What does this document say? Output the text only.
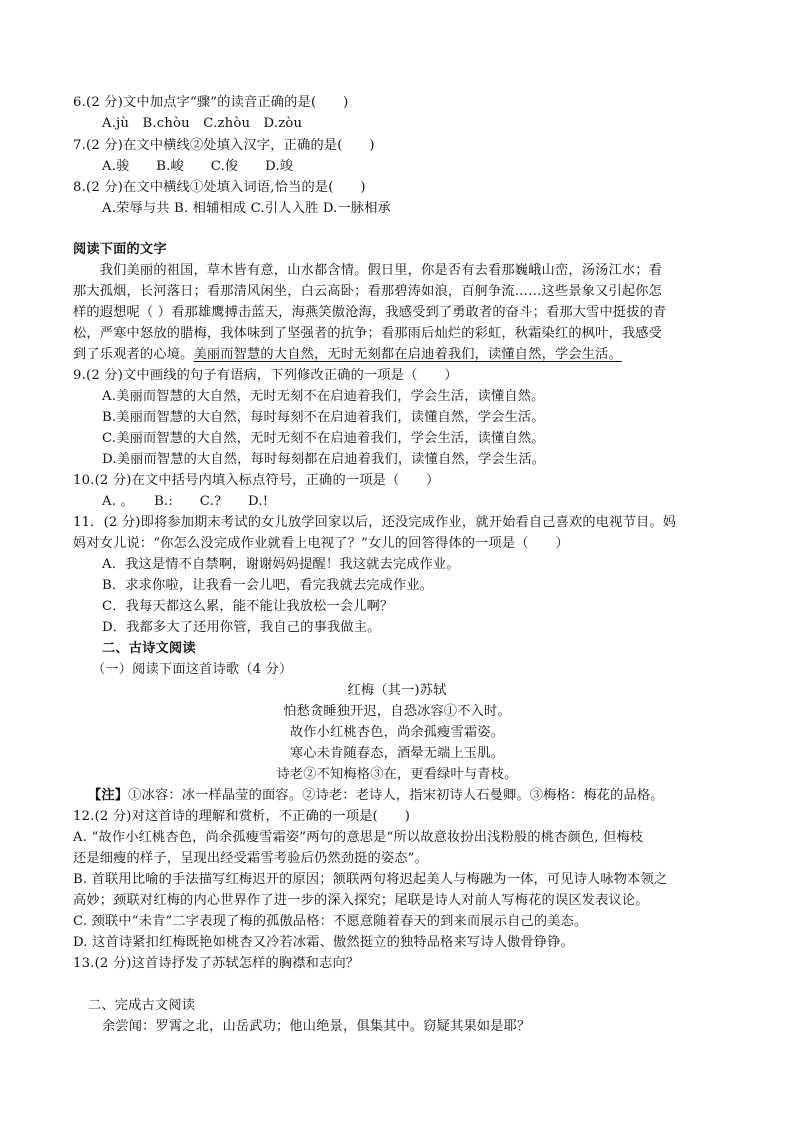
6.(2 分)文中加点字“骤”的读音正确的是(　　)
A.jù　B.chòu　C.zhòu　D.zòu
7.(2 分)在文中横线②处填入汉字，正确的是(　　)
A.骏　　B.峻　　C.俊　　D.竣
8.(2 分)在文中横线①处填入词语,恰当的是(　　)
A.荣辱与共 B. 相辅相成 C.引人入胜 D.一脉相承
阅读下面的文字
　　我们美丽的祖国，草木皆有意，山水都含情。假日里，你是否有去看那巍峨山峦，汤汤江水；看
那大孤烟，长河落日；看那清风闲坐，白云高卧；看那碧涛如浪，百舸争流……这些景象又引起你怎
样的遐想呢（ ）看那雄鹰搏击蓝天，海燕笑傲沧海，我感受到了勇敢者的奋斗；看那大雪中挺拔的青
松，严寒中怒放的腊梅，我体味到了坚强者的抗争；看那雨后灿烂的彩虹，秋霜染红的枫叶，我感受
到了乐观者的心境。美丽而智慧的大自然，无时无刻都在启迪着我们，读懂自然，学会生活。
9.(2 分)文中画线的句子有语病，下列修改正确的一项是（　　）
A.美丽而智慧的大自然，无时无刻不在启迪着我们，学会生活，读懂自然。
B.美丽而智慧的大自然，每时每刻不在启迪着我们，读懂自然，学会生活。
C.美丽而智慧的大自然，无时无刻不在启迪着我们，学会生活，读懂自然。
D.美丽而智慧的大自然，每时每刻都在启迪着我们，读懂自然，学会生活。
10.(2 分)在文中括号内填入标点符号，正确的一项是（　　）
A. 。　　B.:　　C.?　　D.!
11．(2 分)即将参加期末考试的女儿放学回家以后，还没完成作业，就开始看自己喜欢的电视节目。妈
妈对女儿说：“你怎么没完成作业就看上电视了？”女儿的回答得体的一项是（　　）
A．我这是情不自禁啊，谢谢妈妈提醒！我这就去完成作业。
B．求求你啦，让我看一会儿吧，看完我就去完成作业。
C．我每天都这么累，能不能让我放松一会儿啊？
D．我都多大了还用你管，我自己的事我做主。
二、古诗文阅读
（一）阅读下面这首诗歌（4 分）
红梅（其一)苏轼
怕愁贪睡独开迟，自恐冰容①不入时。
故作小红桃杏色，尚余孤瘦雪霜姿。
寒心未肯随春态，酒晕无端上玉肌。
诗老②不知梅格③在，更看绿叶与青枝。
【注】①冰容：冰一样晶莹的面容。②诗老：老诗人，指宋初诗人石曼卿。③梅格：梅花的品格。
12.(2 分)对这首诗的理解和赏析，不正确的一项是(　　)
A. “故作小红桃杏色，尚余孤瘦雪霜姿”两句的意思是“所以故意妆扮出浅粉般的桃杏颜色, 但梅枝
还是细瘦的样子，呈现出经受霜雪考验后仍然劲挺的姿态”。
B. 首联用比喻的手法描写红梅迟开的原因；颔联两句将迟起美人与梅融为一体，可见诗人咏物本领之
高妙；颈联对红梅的内心世界作了进一步的深入探究；尾联是诗人对前人写梅花的误区发表议论。
C. 颈联中“未肯”二字表现了梅的孤傲品格：不愿意随着春天的到来而展示自己的美态。
D. 这首诗紧扣红梅既艳如桃杏又冷若冰霜、傲然挺立的独特品格来写诗人傲骨铮铮。
13.(2 分)这首诗抒发了苏轼怎样的胸襟和志向？
二、完成古文阅读
余尝闻：罗霄之北，山岳武功；他山绝景，俱集其中。窃疑其果如是耶？
